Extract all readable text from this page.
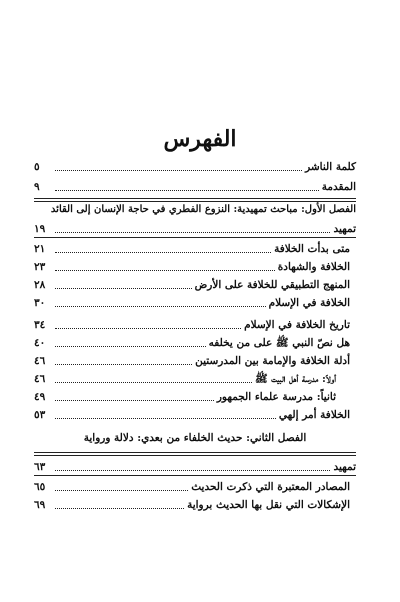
الفهرس
كلمة الناشر
٥
المقدمة
٩
الفصل الأول: مباحث تمهيدية: النزوع الفطري في حاجة الإنسان إلى القائد
تمهيد
١٩
متى بدأت الخلافة
٢١
الخلافة والشهادة
٢٣
المنهج التطبيقي للخلافة على الأرض
٢٨
الخلافة في الإسلام
٣٠
تاريخ الخلافة في الإسلام
٣٤
هل نصّ النبي ﷺ على من يخلفه
٤٠
أدلة الخلافة والإمامة بين المدرستين
٤٦
أولاً: مدرسة أهل البيت ﷺ
٤٦
ثانياً: مدرسة علماء الجمهور
٤٩
الخلافة أمر إلهي
٥٣
الفصل الثاني: حديث الخلفاء من بعدي: دلالة ورواية
تمهيد
٦٣
المصادر المعتبرة التي ذكرت الحديث
٦٥
الإشكالات التي نقل بها الحديث برواية
٦٩
